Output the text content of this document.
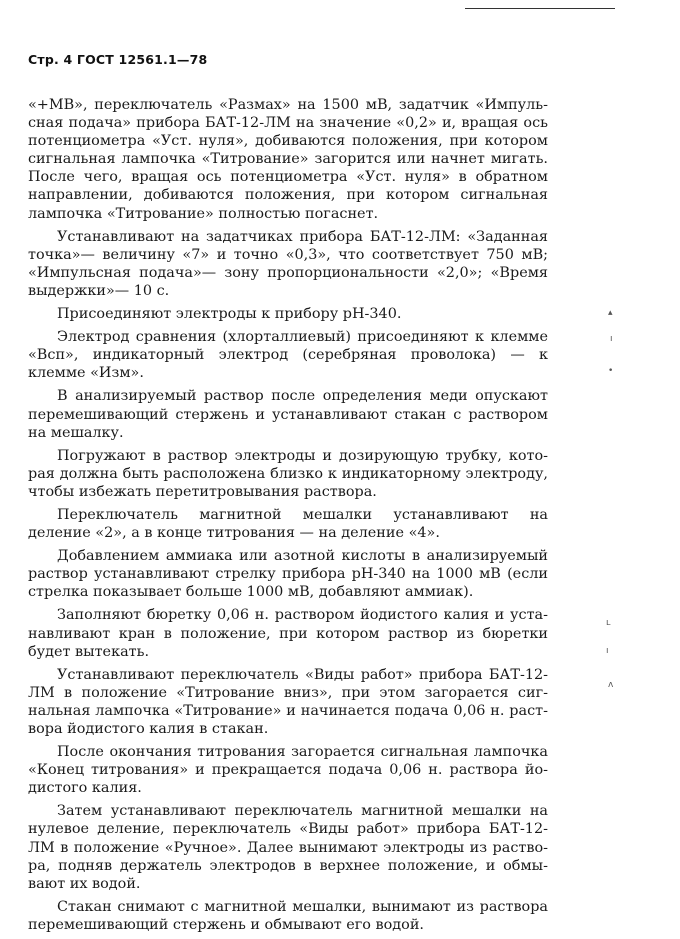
Стр. 4 ГОСТ 12561.1—78

«+МВ», переключатель «Размах» на 1500 мВ, задатчик «Импульсная подача» прибора БАТ-12-ЛМ на значение «0,2» и, вращая ось потенциометра «Уст. нуля», добиваются положения, при котором сигнальная лампочка «Титрование» загорится или начнет мигать. После чего, вращая ось потенциометра «Уст. нуля» в обратном направлении, добиваются положения, при котором сигнальная лампочка «Титрование» полностью погаснет.

Устанавливают на задатчиках прибора БАТ-12-ЛМ: «Заданная точка»— величину «7» и точно «0,3», что соответствует 750 мВ; «Импульсная подача»— зону пропорциональности «2,0»; «Время выдержки»— 10 с.

Присоединяют электроды к прибору рН-340.

Электрод сравнения (хлорталлиевый) присоединяют к клемме «Всп», индикаторный электрод (серебряная проволока) — к клемме «Изм».

В анализируемый раствор после определения меди опускают перемешивающий стержень и устанавливают стакан с раствором на мешалку.

Погружают в раствор электроды и дозирующую трубку, которая должна быть расположена близко к индикаторному электроду, чтобы избежать перетитровывания раствора.

Переключатель магнитной мешалки устанавливают на деление «2», а в конце титрования — на деление «4».

Добавлением аммиака или азотной кислоты в анализируемый раствор устанавливают стрелку прибора рН-340 на 1000 мВ (если стрелка показывает больше 1000 мВ, добавляют аммиак).

Заполняют бюретку 0,06 н. раствором йодистого калия и устанавливают кран в положение, при котором раствор из бюретки будет вытекать.

Устанавливают переключатель «Виды работ» прибора БАТ-12-ЛМ в положение «Титрование вниз», при этом загорается сигнальная лампочка «Титрование» и начинается подача 0,06 н. раствора йодистого калия в стакан.

После окончания титрования загорается сигнальная лампочка «Конец титрования» и прекращается подача 0,06 н. раствора йодистого калия.

Затем устанавливают переключатель магнитной мешалки на нулевое деление, переключатель «Виды работ» прибора БАТ-12-ЛМ в положение «Ручное». Далее вынимают электроды из раствора, подняв держатель электродов в верхнее положение, и обмывают их водой.

Стакан снимают с магнитной мешалки, вынимают из раствора перемешивающий стержень и обмывают его водой.

▴
ı
•
ʟ
ı
ʌ
